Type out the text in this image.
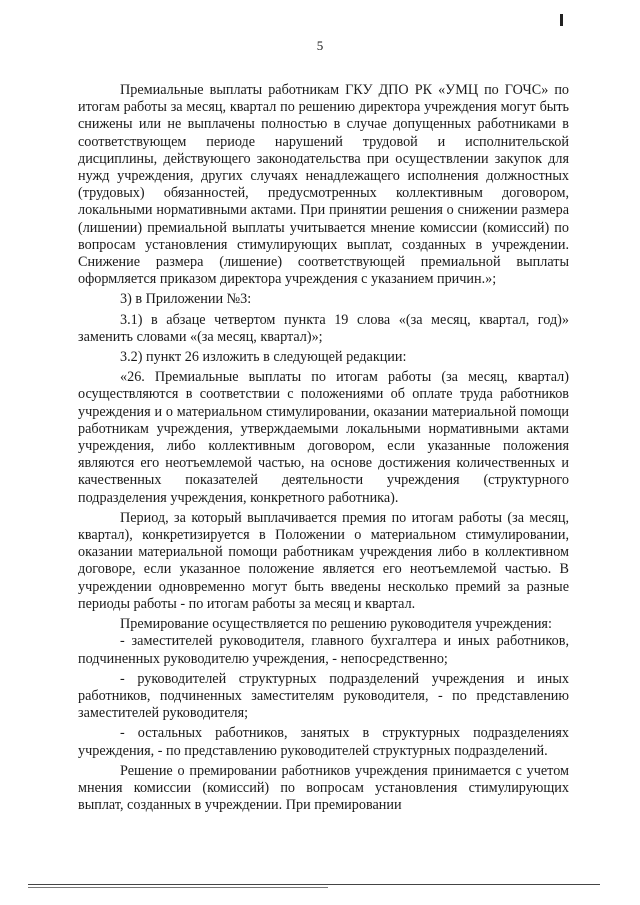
5

Премиальные выплаты работникам ГКУ ДПО РК «УМЦ по ГОЧС» по итогам работы за месяц, квартал по решению директора учреждения могут быть снижены или не выплачены полностью в случае допущенных работниками в соответствующем периоде нарушений трудовой и исполнительской дисциплины, действующего законодательства при осуществлении закупок для нужд учреждения, других случаях ненадлежащего исполнения должностных (трудовых) обязанностей, предусмотренных коллективным договором, локальными нормативными актами. При принятии решения о снижении размера (лишении) премиальной выплаты учитывается мнение комиссии (комиссий) по вопросам установления стимулирующих выплат, созданных в учреждении. Снижение размера (лишение) соответствующей премиальной выплаты оформляется приказом директора учреждения с указанием причин.»;

3) в Приложении №3:

3.1) в абзаце четвертом пункта 19 слова «(за месяц, квартал, год)» заменить словами «(за месяц, квартал)»;

3.2) пункт 26 изложить в следующей редакции:

«26. Премиальные выплаты по итогам работы (за месяц, квартал) осуществляются в соответствии с положениями об оплате труда работников учреждения и о материальном стимулировании, оказании материальной помощи работникам учреждения, утверждаемыми локальными нормативными актами учреждения, либо коллективным договором, если указанные положения являются его неотъемлемой частью, на основе достижения количественных и качественных показателей деятельности учреждения (структурного подразделения учреждения, конкретного работника).

Период, за который выплачивается премия по итогам работы (за месяц, квартал), конкретизируется в Положении о материальном стимулировании, оказании материальной помощи работникам учреждения либо в коллективном договоре, если указанное положение является его неотъемлемой частью. В учреждении одновременно могут быть введены несколько премий за разные периоды работы - по итогам работы за месяц и квартал.

Премирование осуществляется по решению руководителя учреждения:

- заместителей руководителя, главного бухгалтера и иных работников, подчиненных руководителю учреждения, - непосредственно;

- руководителей структурных подразделений учреждения и иных работников, подчиненных заместителям руководителя, - по представлению заместителей руководителя;

- остальных работников, занятых в структурных подразделениях учреждения, - по представлению руководителей структурных подразделений.

Решение о премировании работников учреждения принимается с учетом мнения комиссии (комиссий) по вопросам установления стимулирующих выплат, созданных в учреждении. При премировании
